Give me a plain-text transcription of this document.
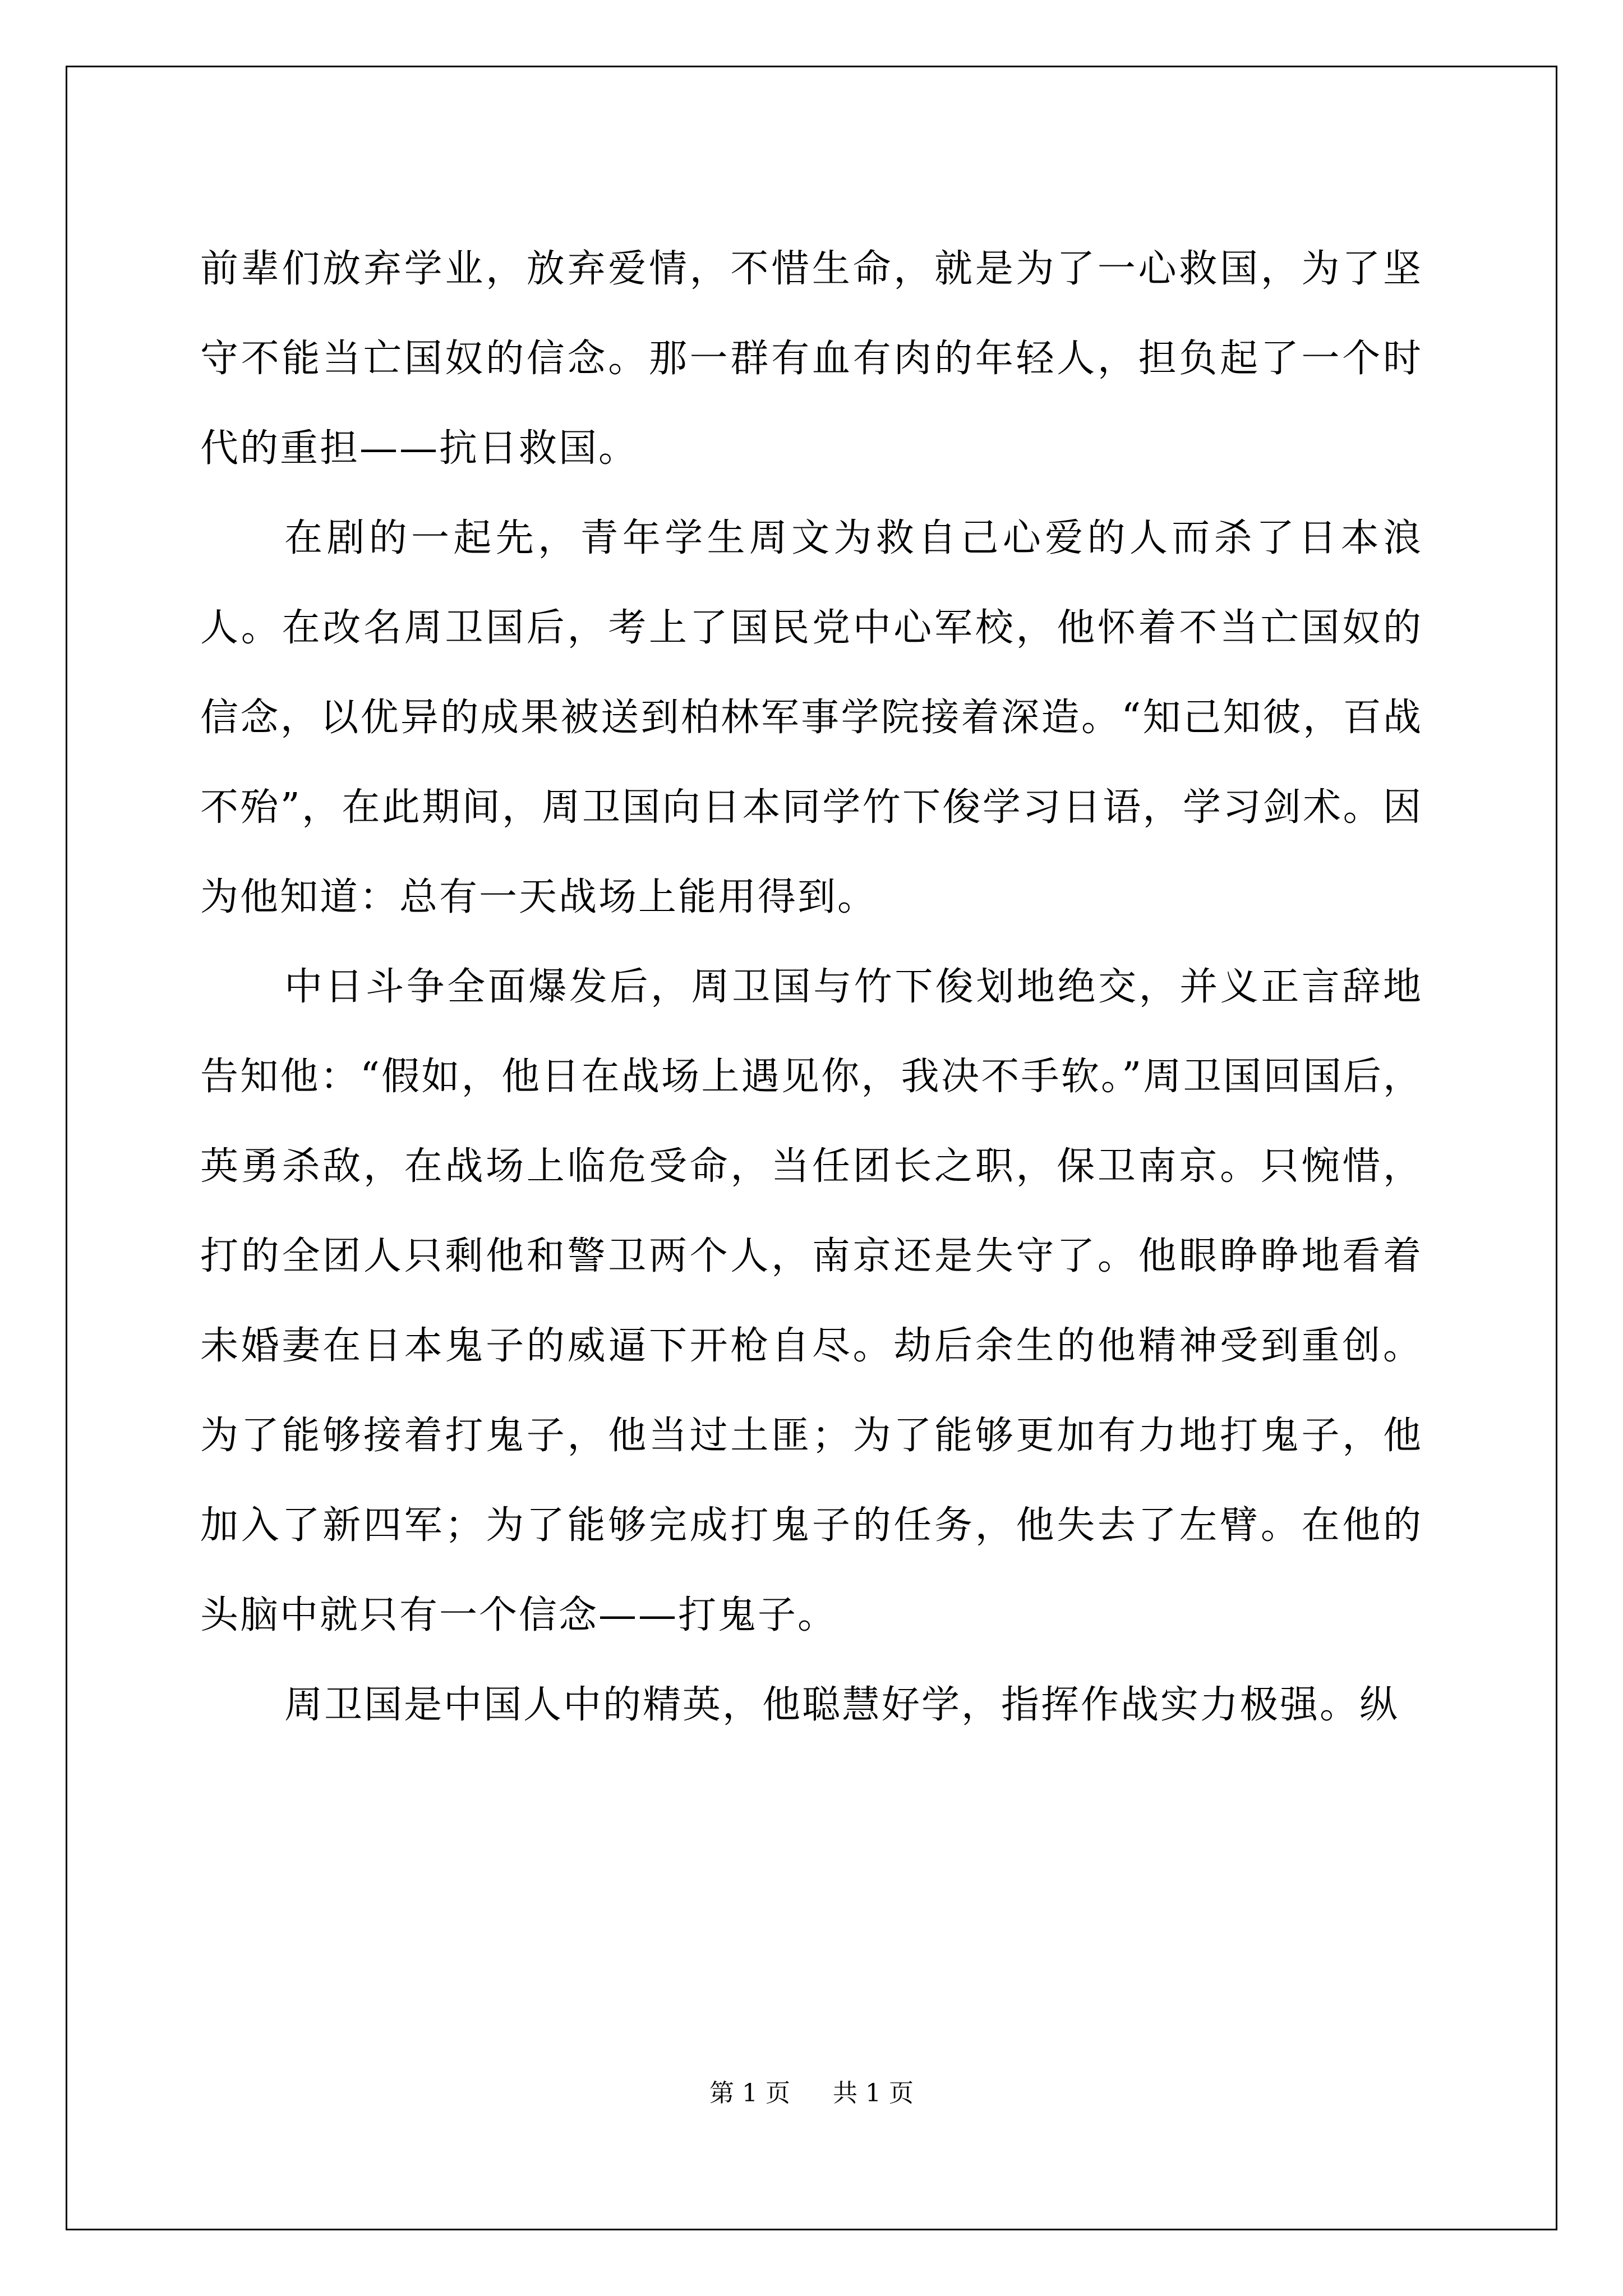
前辈们放弃学业，放弃爱情，不惜生命，就是为了一心救国，为了坚守不能当亡国奴的信念。那一群有血有肉的年轻人，担负起了一个时代的重担——抗日救国。

在剧的一起先，青年学生周文为救自己心爱的人而杀了日本浪人。在改名周卫国后，考上了国民党中心军校，他怀着不当亡国奴的信念，以优异的成果被送到柏林军事学院接着深造。“知己知彼，百战不殆”，在此期间，周卫国向日本同学竹下俊学习日语，学习剑术。因为他知道：总有一天战场上能用得到。

中日斗争全面爆发后，周卫国与竹下俊划地绝交，并义正言辞地告知他：“假如，他日在战场上遇见你，我决不手软。”周卫国回国后，英勇杀敌，在战场上临危受命，当任团长之职，保卫南京。只惋惜，打的全团人只剩他和警卫两个人，南京还是失守了。他眼睁睁地看着未婚妻在日本鬼子的威逼下开枪自尽。劫后余生的他精神受到重创。为了能够接着打鬼子，他当过土匪；为了能够更加有力地打鬼子，他加入了新四军；为了能够完成打鬼子的任务，他失去了左臂。在他的头脑中就只有一个信念——打鬼子。

周卫国是中国人中的精英，他聪慧好学，指挥作战实力极强。纵

第 1 页 共 1 页
